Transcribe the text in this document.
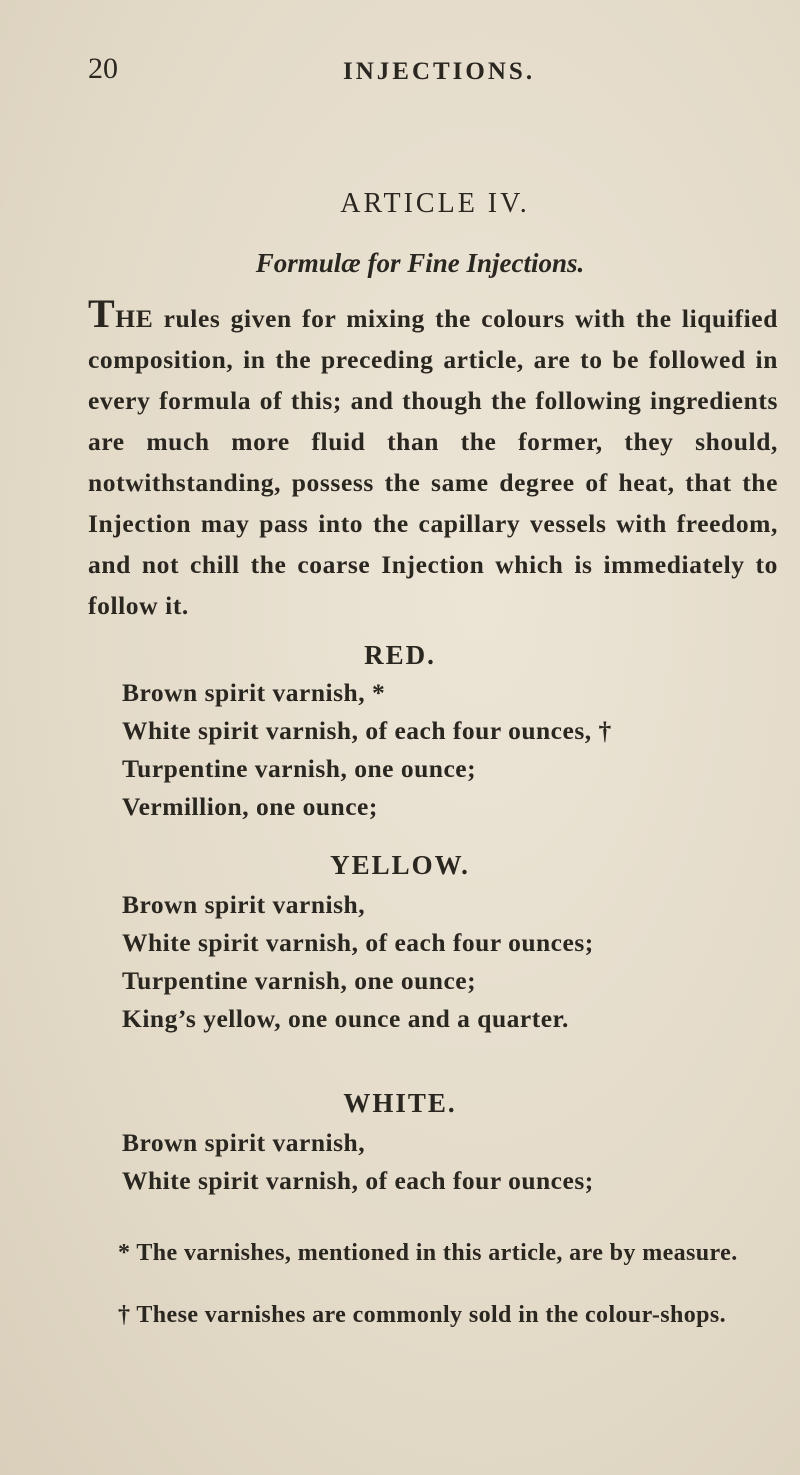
20	INJECTIONS.
ARTICLE IV.
Formulæ for Fine Injections.
THE rules given for mixing the colours with the liquified composition, in the preceding article, are to be followed in every formula of this; and though the following ingredients are much more fluid than the former, they should, notwithstanding, possess the same degree of heat, that the Injection may pass into the capillary vessels with freedom, and not chill the coarse Injection which is immediately to follow it.
RED.
Brown spirit varnish, *
White spirit varnish, of each four ounces, †
Turpentine varnish, one ounce;
Vermillion, one ounce;
YELLOW.
Brown spirit varnish,
White spirit varnish, of each four ounces;
Turpentine varnish, one ounce;
King’s yellow, one ounce and a quarter.
WHITE.
Brown spirit varnish,
White spirit varnish, of each four ounces;
* The varnishes, mentioned in this article, are by measure.
† These varnishes are commonly sold in the colour-shops.
